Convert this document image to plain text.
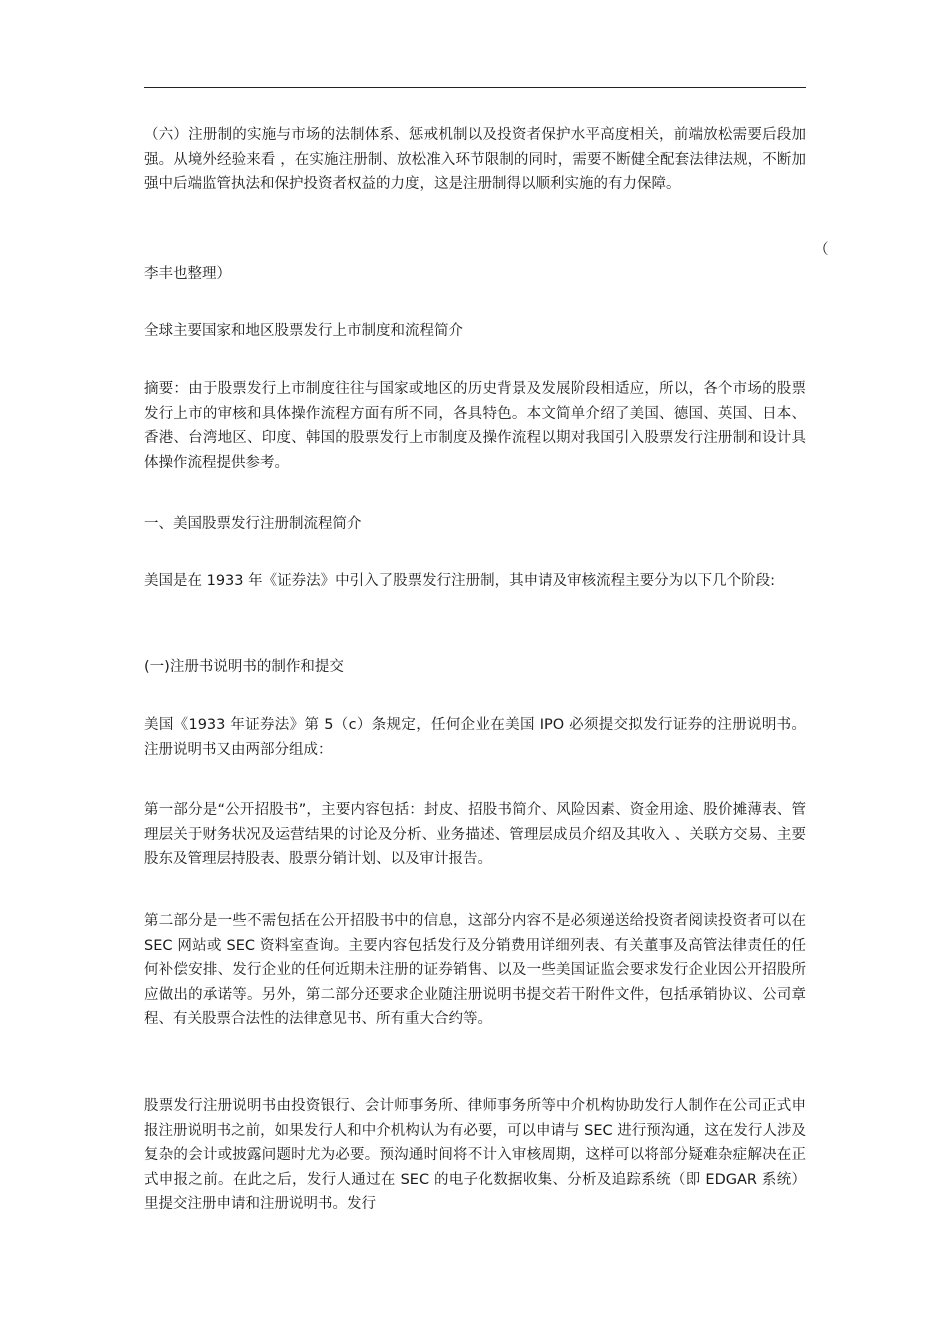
（六）注册制的实施与市场的法制体系、惩戒机制以及投资者保护水平高度相关，前端放松需要后段加强。从境外经验来看 ，在实施注册制、放松准入环节限制的同时，需要不断健全配套法律法规，不断加强中后端监管执法和保护投资者权益的力度，这是注册制得以顺利实施的有力保障。

（

李丰也整理）

全球主要国家和地区股票发行上市制度和流程简介

摘要：由于股票发行上市制度往往与国家或地区的历史背景及发展阶段相适应，所以，各个市场的股票发行上市的审核和具体操作流程方面有所不同，各具特色。本文简单介绍了美国、德国、英国、日本、香港、台湾地区、印度、韩国的股票发行上市制度及操作流程以期对我国引入股票发行注册制和设计具体操作流程提供参考。

一、美国股票发行注册制流程简介

美国是在 1933 年《证券法》中引入了股票发行注册制，其申请及审核流程主要分为以下几个阶段:

(一)注册书说明书的制作和提交

美国《1933 年证券法》第 5（c）条规定，任何企业在美国 IPO 必须提交拟发行证券的注册说明书。注册说明书又由两部分组成：

第一部分是“公开招股书”，主要内容包括：封皮、招股书简介、风险因素、资金用途、股价摊薄表、管理层关于财务状况及运营结果的讨论及分析、业务描述、管理层成员介绍及其收入 、关联方交易、主要股东及管理层持股表、股票分销计划、以及审计报告。

第二部分是一些不需包括在公开招股书中的信息，这部分内容不是必须递送给投资者阅读投资者可以在 SEC 网站或 SEC 资料室查询。主要内容包括发行及分销费用详细列表、有关董事及高管法律责任的任何补偿安排、发行企业的任何近期未注册的证券销售、以及一些美国证监会要求发行企业因公开招股所应做出的承诺等。另外，第二部分还要求企业随注册说明书提交若干附件文件，包括承销协议、公司章程、有关股票合法性的法律意见书、所有重大合约等。

股票发行注册说明书由投资银行、会计师事务所、律师事务所等中介机构协助发行人制作在公司正式申报注册说明书之前，如果发行人和中介机构认为有必要，可以申请与 SEC 进行预沟通，这在发行人涉及复杂的会计或披露问题时尤为必要。预沟通时间将不计入审核周期，这样可以将部分疑难杂症解决在正式申报之前。在此之后，发行人通过在 SEC 的电子化数据收集、分析及追踪系统（即 EDGAR 系统）里提交注册申请和注册说明书。发行
